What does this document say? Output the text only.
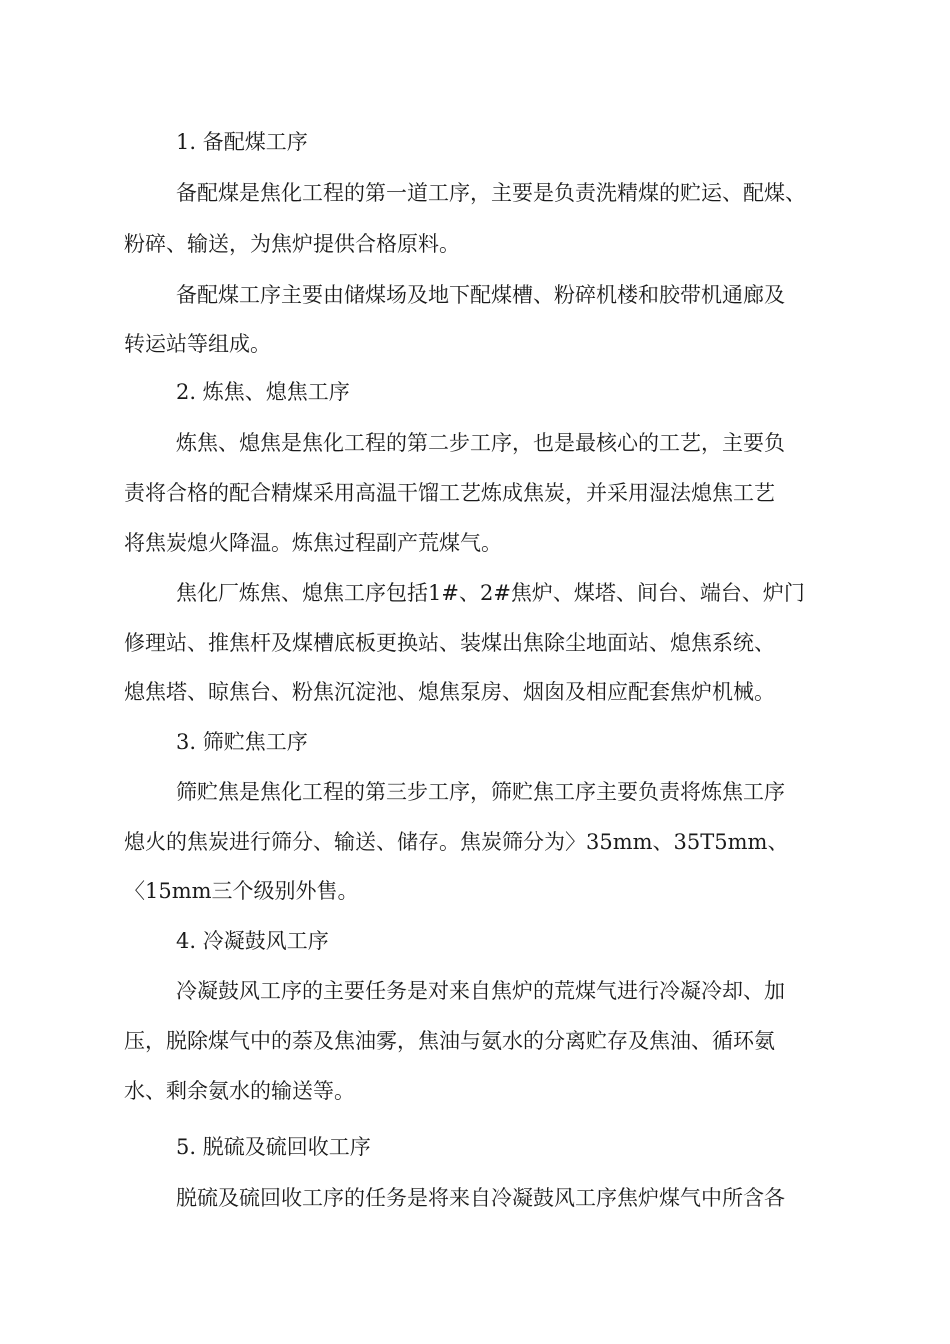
1. 备配煤工序
备配煤是焦化工程的第一道工序，主要是负责洗精煤的贮运、配煤、
粉碎、输送，为焦炉提供合格原料。
备配煤工序主要由储煤场及地下配煤槽、粉碎机楼和胶带机通廊及
转运站等组成。
2. 炼焦、熄焦工序
炼焦、熄焦是焦化工程的第二步工序，也是最核心的工艺，主要负
责将合格的配合精煤采用高温干馏工艺炼成焦炭，并采用湿法熄焦工艺
将焦炭熄火降温。炼焦过程副产荒煤气。
焦化厂炼焦、熄焦工序包括1#、2#焦炉、煤塔、间台、端台、炉门
修理站、推焦杆及煤槽底板更换站、装煤出焦除尘地面站、熄焦系统、
熄焦塔、晾焦台、粉焦沉淀池、熄焦泵房、烟囱及相应配套焦炉机械。
3. 筛贮焦工序
筛贮焦是焦化工程的第三步工序，筛贮焦工序主要负责将炼焦工序
熄火的焦炭进行筛分、输送、储存。焦炭筛分为〉35mm、35T5mm、
〈15mm三个级别外售。
4. 冷凝鼓风工序
冷凝鼓风工序的主要任务是对来自焦炉的荒煤气进行冷凝冷却、加
压，脱除煤气中的萘及焦油雾，焦油与氨水的分离贮存及焦油、循环氨
水、剩余氨水的输送等。
5. 脱硫及硫回收工序
脱硫及硫回收工序的任务是将来自冷凝鼓风工序焦炉煤气中所含各
